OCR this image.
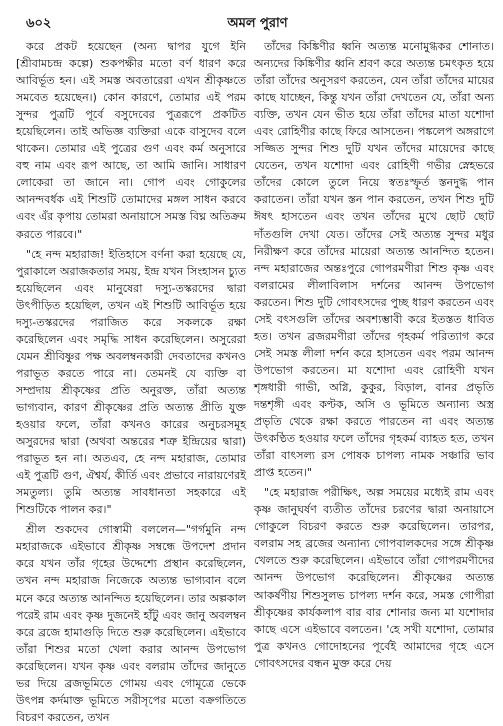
৬০২	অমল পুরাণ

করে প্রকট হয়েছেন (অন্য দ্বাপর যুগে ইনি [শ্রীবামচন্দ্র কল্পে) শুকপক্ষীর মতো বর্ণ ধারণ করে আবির্ভূত হন। এই সমস্ত অবতারেরা এখন শ্রীকৃষ্ণতে সমবেত হয়েছেন।) কোন কারণে, তোমার এই পরম সুন্দর পুত্রটি পূর্বে বসুদেবের পুত্ররূপে প্রকটিত হয়েছিলেন। তাই অভিজ্ঞ ব্যক্তিরা একে বাসুদেব বলে থাকেন। তোমার এই পুত্রের গুণ এবং কর্ম অনুসারে বহু নাম এবং রূপ আছে, তা আমি জানি। সাধারণ লোকেরা তা জানে না। গোপ এবং গোকুলের আনন্দবর্ধক এই শিশুটি তোমাদের মঙ্গল সাধন করবে এবং এঁর কৃপায় তোমরা অনায়াসে সমস্ত বিঘ্ন অতিক্রম করতে পারবে।"

"হে নন্দ মহারাজ! ইতিহাসে বর্ণনা করা হয়েছে যে, পুরাকালে অরাজকতার সময়, ইন্দ্র যখন সিংহাসন চ্যুত হয়েছিলেন এবং মানুষেরা দস্যু-তস্করদের দ্বারা উৎপীড়িত হয়েছিল, তখন এই শিশুটি আবির্ভূত হয়ে দস্যু-তস্করদের পরাজিত করে সকলকে রক্ষা করেছিলেন এবং সমৃদ্ধি সাধন করেছিলেন। অসুরেরা যেমন শ্রীবিষ্ণুর পক্ষ অবলম্বনকারী দেবতাদের কখনও পরাভূত করতে পারে না। তেমনই যে ব্যক্তি বা সম্প্রদায় শ্রীকৃষ্ণের প্রতি অনুরক্ত, তাঁরা অত্যন্ত ভাগ্যবান, কারণ শ্রীকৃষ্ণের প্রতি অত্যন্ত প্রীতি যুক্ত হওয়ার ফলে, তাঁরা কখনও কারের অনুচরসমূহ অসুরদের দ্বারা (অথবা অন্তরের শত্রু ইন্দ্রিয়ের দ্বারা) পরাভূত হন না। অতএব, হে নন্দ মহারাজ, তোমার এই পুত্রটি গুণ, ঐশ্বর্য, কীর্তি এবং প্রভাবে নারায়ণেরই সমতুল্য। তুমি অত্যন্ত সাবধানতা সহকারে এই শিশুটিকে পালন কর।"

শ্রীল শুকদেব গোস্বামী বললেন—"গর্গমুনি নন্দ মহারাজকে এইভাবে শ্রীকৃষ্ণ সম্বন্ধে উপদেশ প্রদান করে যখন তাঁর গৃহের উদ্দেশ্যে প্রস্থান করেছিলেন, তখন নন্দ মহারাজ নিজেকে অত্যন্ত ভাগ্যবান বলে মনে করে অত্যন্ত আনন্দিত হয়েছিলেন। তার অল্পকাল পরেই রাম এবং কৃষ্ণ দুজনেই হাঁটু এবং জানু অবলম্বন করে ব্রজে হামাগুড়ি দিতে শুরু করেছিলেন। এইভাবে তাঁরা শিশুর মতো খেলা করার আনন্দ উপভোগ করেছিলেন। যখন কৃষ্ণ এবং বলরাম তাঁদের জানুতে ভর দিয়ে ব্রজভূমিতে গোময় এবং গোমূত্রে ভেকে উৎপন্ন কর্দমাক্ত ভূমিতে সরীসৃপের মতো বক্রগতিতে বিচরণ করতেন, তখন

তাঁদের কিঙ্কিণীর ধ্বনি অত্যন্ত মনোমুগ্ধকর শোনাত। অন্যদের কিঙ্কিণীর ধ্বনি শ্রবণ করে অত্যন্ত চমৎকৃত হয়ে তাঁরা তাঁদের অনুসরণ করতেন, যেন তাঁরা তাঁদের মায়ের কাছে যাচ্ছেন, কিন্তু যখন তাঁরা দেখতেন যে, তাঁরা অন্য ব্যক্তি, তখন যেন ভীত হয়ে তাঁরা তাঁদের মাতা যশোদা এবং রোহিণীর কাছে ফিরে আসতেন। পঙ্কলেপ অঙ্গরাগে সজ্জিত সুন্দর শিশু দুটি যখন তাঁদের মায়েদের কাছে যেতেন, তখন যশোদা এবং রোহিণী গভীর স্নেহভরে তাঁদের কোলে তুলে নিয়ে স্বতঃস্ফূর্ত স্তনদুগ্ধ পান করাতেন। তাঁরা যখন স্তন পান করতেন, তখন শিশু দুটি ঈষৎ হাসতেন এবং তখন তাঁদের মুখে ছোট ছোট দাঁতগুলি দেখা যেত। তাঁদের সেই অত্যন্ত সুন্দর মধুর নিরীক্ষণ করে তাঁদের মায়েরা অত্যন্ত আনন্দিত হতেন। নন্দ মহারাজের অন্তঃপুরে গোপরমণীরা শিশু কৃষ্ণ এবং বলরামের লীলাবিলাস দর্শনের আনন্দ উপভোগ করতেন। শিশু দুটি গোবৎসদের পুচ্ছ ধারণ করতেন এবং সেই বৎসগুলি তাঁদের অবশ্যম্ভাবী করে ইতস্তত ধাবিত হত। তখন ব্রজরমণীরা তাঁদের গৃহকর্ম পরিত্যাগ করে সেই সমস্ত লীলা দর্শন করে হাসতেন এবং পরম আনন্দ উপভোগ করতেন। মা যশোদা এবং রোহিণী যখন শৃঙ্গধারী গাভী, অগ্নি, কুকুর, বিড়াল, বানর প্রভৃতি দন্তশৃঙ্গী এবং কণ্টক, অসি ও ভূমিতে অন্যান্য অস্ত্র প্রভৃতি থেকে রক্ষা করতে পারতেন না এবং অত্যন্ত উৎকণ্ঠিত হওয়ার ফলে তাঁদের গৃহকর্ম ব্যাহত হত, তখন তাঁরা বাৎসল্য রস পোষক চাপল্য নামক সঞ্চারি ভাব প্রাপ্ত হতেন।"

"হে মহারাজ পরীক্ষিৎ, অল্প সময়ের মধ্যেই রাম এবং কৃষ্ণ জানুঘর্ষণ ব্যতীত তাঁদের চরণের দ্বারা অনায়াসে গোকুলে বিচরণ করতে শুরু করেছিলেন। তারপর, বলরাম সহ ব্রজের অন্যান্য গোপবালকদের সঙ্গে শ্রীকৃষ্ণ খেলতে শুরু করেছিলেন। এইভাবে তাঁরা গোপরমণীদের আনন্দ উপভোগ করেছিলেন। শ্রীকৃষ্ণের অত্যন্ত আকর্ষণীয় শিশুসুলভ চাপল্য দর্শন করে, সমস্ত গোপীরা শ্রীকৃষ্ণের কার্যকলাপ বার বার শোনার জন্য মা যশোদার কাছে এসে এইভাবে বলতেন। 'হে সখী যশোদা, তোমার পুত্র কখনও গোদোহনের পূর্বেই আমাদের গৃহে এসে গোবৎসদের বন্ধন মুক্ত করে দেয়
